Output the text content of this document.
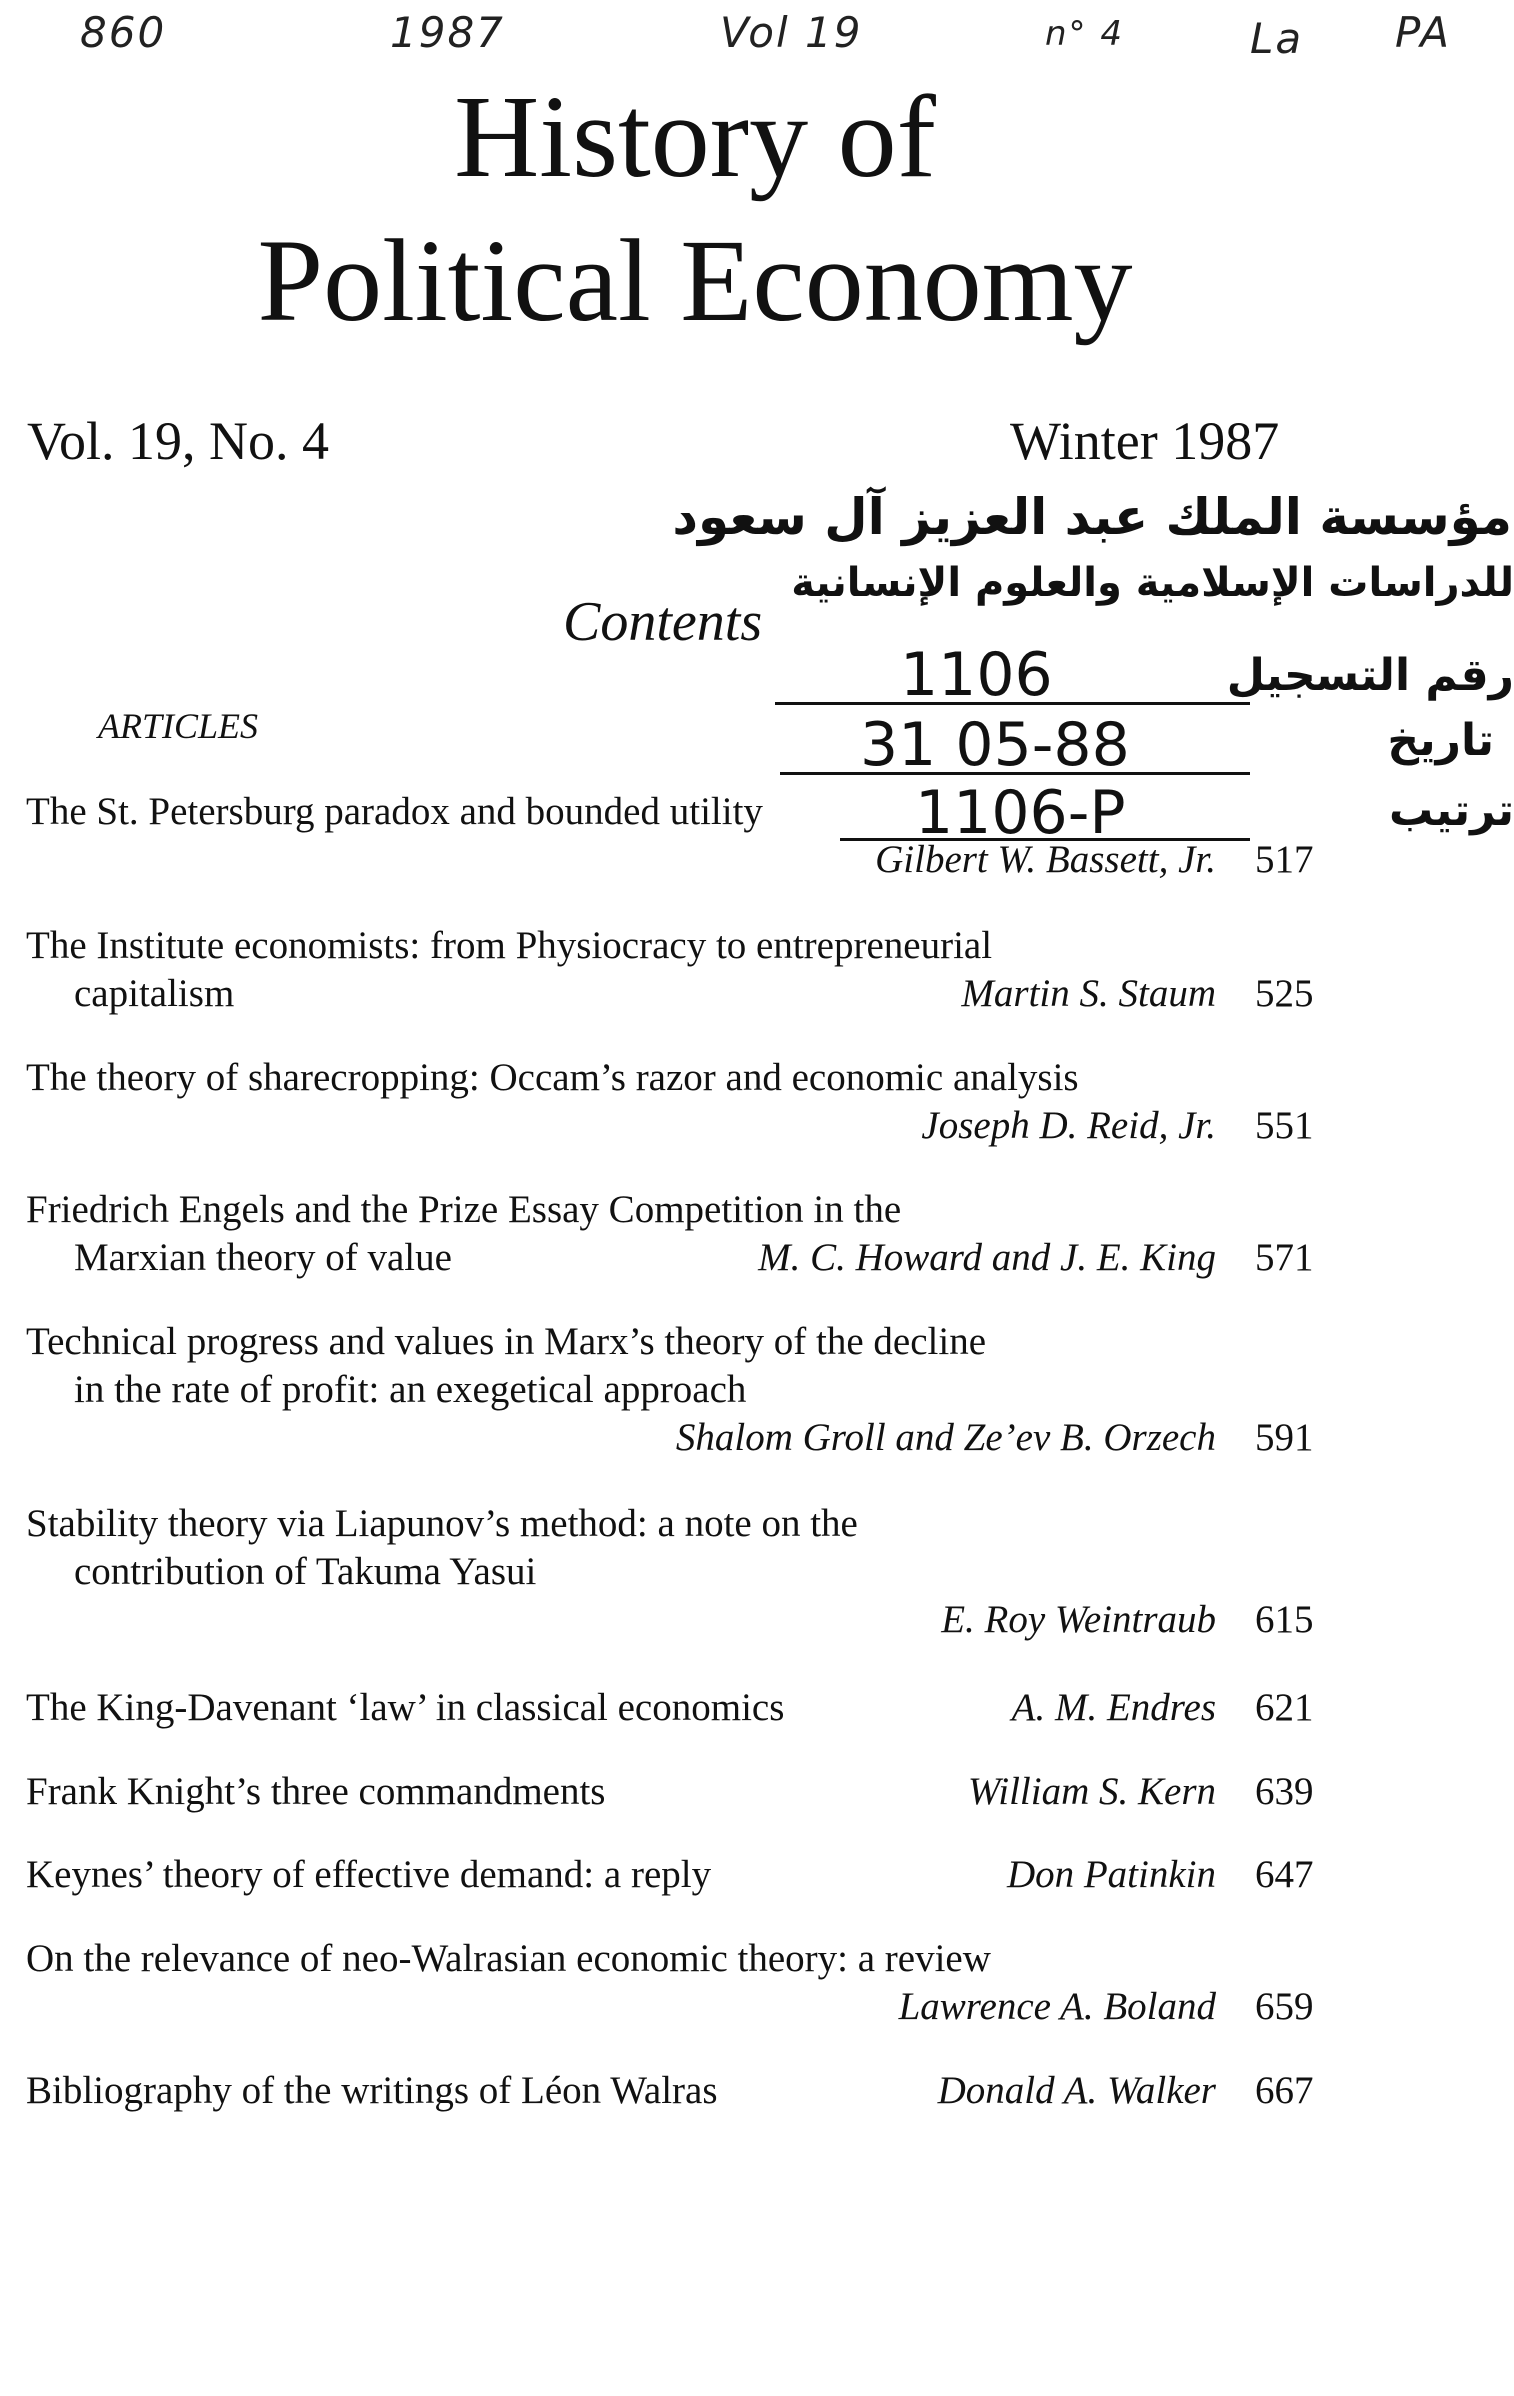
860	1987	Vol 19	n° 4	La PA
History of
Political Economy
Vol. 19, No. 4	Winter 1987
مؤسسة الملك عبد العزيز آل سعود
للدراسات الإسلامية والعلوم الإنسانية
Contents
1106	رقم التسجيل
31 05-88	تاريخ
1106-P	ترتيب
ARTICLES
The St. Petersburg paradox and bounded utility
Gilbert W. Bassett, Jr. 517
The Institute economists: from Physiocracy to entrepreneurial
capitalism	Martin S. Staum 525
The theory of sharecropping: Occam’s razor and economic analysis
Joseph D. Reid, Jr. 551
Friedrich Engels and the Prize Essay Competition in the
Marxian theory of value	M. C. Howard and J. E. King 571
Technical progress and values in Marx’s theory of the decline
in the rate of profit: an exegetical approach
Shalom Groll and Ze’ev B. Orzech 591
Stability theory via Liapunov’s method: a note on the
contribution of Takuma Yasui
E. Roy Weintraub 615
The King-Davenant ‘law’ in classical economics	A. M. Endres 621
Frank Knight’s three commandments	William S. Kern 639
Keynes’ theory of effective demand: a reply	Don Patinkin 647
On the relevance of neo-Walrasian economic theory: a review
Lawrence A. Boland 659
Bibliography of the writings of Léon Walras	Donald A. Walker 667
